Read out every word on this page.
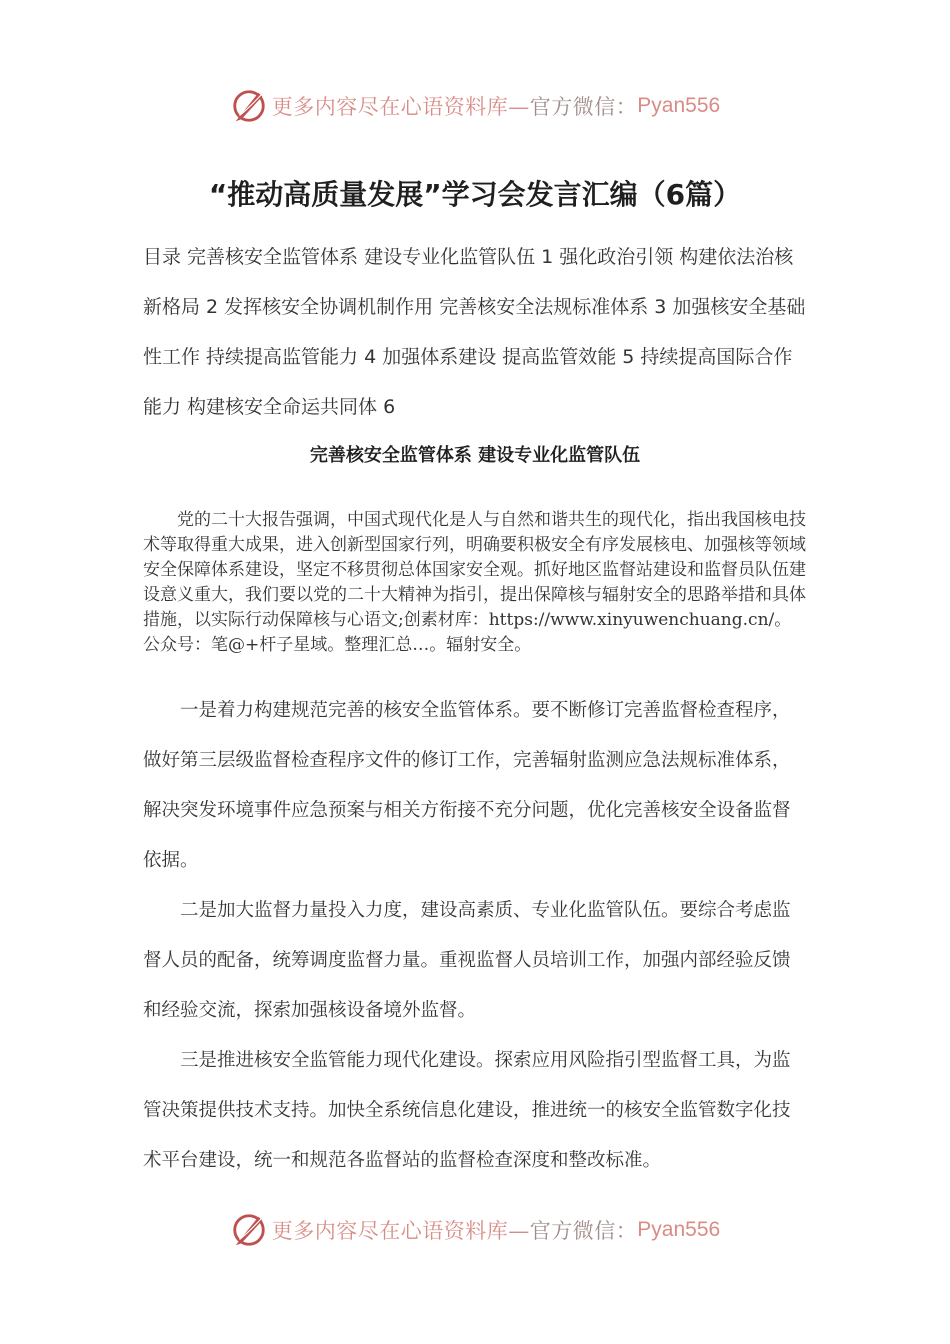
更多内容尽在心语资料库— 官方微信： Pyan556
“推动高质量发展”学习会发言汇编（6篇）

目录 完善核安全监管体系 建设专业化监管队伍 1 强化政治引领 构建依法治核新格局 2 发挥核安全协调机制作用 完善核安全法规标准体系 3 加强核安全基础性工作 持续提高监管能力 4 加强体系建设 提高监管效能 5 持续提高国际合作能力 构建核安全命运共同体 6

完善核安全监管体系 建设专业化监管队伍

党的二十大报告强调，中国式现代化是人与自然和谐共生的现代化，指出我国核电技术等取得重大成果，进入创新型国家行列，明确要积极安全有序发展核电、加强核等领域安全保障体系建设，坚定不移贯彻总体国家安全观。抓好地区监督站建设和监督员队伍建设意义重大，我们要以党的二十大精神为指引，提出保障核与辐射安全的思路举措和具体措施，以实际行动保障核与心语文;创素材库：https://www.xinyuwenchuang.cn/。公众号：笔@+杆子星域。整理汇总…。辐射安全。

一是着力构建规范完善的核安全监管体系。要不断修订完善监督检查程序，做好第三层级监督检查程序文件的修订工作，完善辐射监测应急法规标准体系，解决突发环境事件应急预案与相关方衔接不充分问题，优化完善核安全设备监督依据。

二是加大监督力量投入力度，建设高素质、专业化监管队伍。要综合考虑监督人员的配备，统筹调度监督力量。重视监督人员培训工作，加强内部经验反馈和经验交流，探索加强核设备境外监督。

三是推进核安全监管能力现代化建设。探索应用风险指引型监督工具，为监管决策提供技术支持。加快全系统信息化建设，推进统一的核安全监管数字化技术平台建设，统一和规范各监督站的监督检查深度和整改标准。

更多内容尽在心语资料库— 官方微信： Pyan556
